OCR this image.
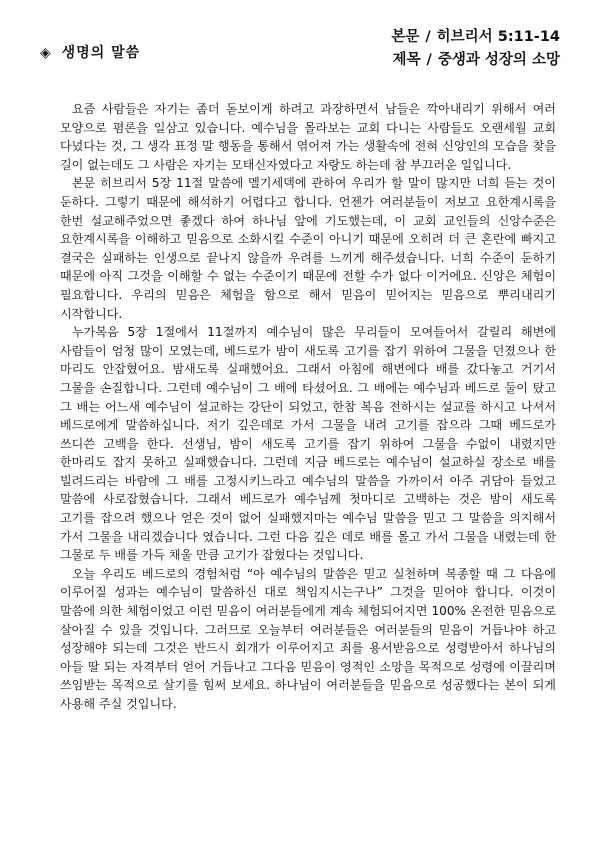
◈ 생명의 말씀
본문 / 히브리서 5:11-14
제목 / 중생과 성장의 소망

요즘 사람들은 자기는 좀더 돋보이게 하려고 과장하면서 남들은 깍아내리기 위해서 여러 모양으로 폄론을 일삼고 있습니다. 예수님을 몰라보는 교회 다니는 사람들도 오랜세월 교회 다녔다는 것, 그 생각 표정 말 행동을 통해서 엮어져 가는 생활속에 전혀 신앙인의 모습을 찾을 길이 없는데도 그 사람은 자기는 모태신자였다고 자랑도 하는데 참 부끄러운 일입니다.

본문 히브리서 5장 11절 말씀에 멜기세덱에 관하여 우리가 할 말이 많지만 너희 듣는 것이 둔하다. 그렇기 때문에 해석하기 어렵다고 합니다. 언젠가 여러분들이 저보고 요한계시록을 한번 설교해주었으면 좋겠다 하여 하나님 앞에 기도했는데, 이 교회 교인들의 신앙수준은 요한계시록을 이해하고 믿음으로 소화시킬 수준이 아니기 때문에 오히려 더 큰 혼란에 빠지고 결국은 실패하는 인생으로 끝나지 않을까 우려를 느끼게 해주셨습니다. 너희 수준이 둔하기 때문에 아직 그것을 이해할 수 없는 수준이기 때문에 전할 수가 없다 이거에요. 신앙은 체험이 필요합니다. 우리의 믿음은 체험을 함으로 해서 믿음이 믿어지는 믿음으로 뿌리내리기 시작합니다.

누가복음 5장 1절에서 11절까지 예수님이 많은 무리들이 모여들어서 갈릴리 해변에 사람들이 엄청 많이 모였는데, 베드로가 밤이 새도록 고기를 잡기 위하여 그물을 던졌으나 한 마리도 안잡혔어요. 밤새도록 실패했어요. 그래서 아침에 해변에다 배를 갔다놓고 거기서 그물을 손질합니다. 그런데 예수님이 그 배에 타셨어요. 그 배에는 예수님과 베드로 둘이 탔고 그 배는 어느새 예수님이 설교하는 강단이 되었고, 한참 복음 전하시는 설교를 하시고 나셔서 베드로에게 말씀하십니다. 저기 깊은데로 가서 그물을 내려 고기를 잡으라 그때 베드로가 쓰디쓴 고백을 한다. 선생님, 밤이 새도록 고기를 잡기 위하여 그물을 수없이 내렸지만 한마리도 잡지 못하고 실패했습니다. 그런데 지금 베드로는 예수님이 설교하실 장소로 배를 빌려드리는 바람에 그 배를 고정시키느라고 예수님의 말씀을 가까이서 아주 귀담아 들었고 말씀에 사로잡혔습니다. 그래서 베드로가 예수님께 첫마디로 고백하는 것은 밤이 새도록 고기를 잡으려 했으나 얻은 것이 없어 실패했지마는 예수님 말씀을 믿고 그 말씀을 의지해서 가서 그물을 내리겠습니다 였습니다. 그런 다음 깊은 데로 배를 몰고 가서 그물을 내렸는데 한 그물로 두 배를 가득 채울 만큼 고기가 잡혔다는 것입니다.

오늘 우리도 베드로의 경험처럼 “아 예수님의 말씀은 믿고 실천하며 복종할 때 그 다음에 이루어질 성과는 예수님이 말씀하신 대로 책임지시는구나” 그것을 믿어야 합니다. 이것이 말씀에 의한 체험이었고 이런 믿음이 여러분들에게 계속 체험되어지면 100% 온전한 믿음으로 살아질 수 있을 것입니다. 그러므로 오늘부터 여러분들은 여러분들의 믿음이 거듭나야 하고 성장해야 되는데 그것은 반드시 회개가 이루어지고 죄를 용서받음으로 성령받아서 하나님의 아들 딸 되는 자격부터 얻어 거듭나고 그다음 믿음이 영적인 소망을 목적으로 성령에 이끌리며 쓰임받는 목적으로 살기를 힘써 보세요. 하나님이 여러분들을 믿음으로 성공했다는 본이 되게 사용해 주실 것입니다.
